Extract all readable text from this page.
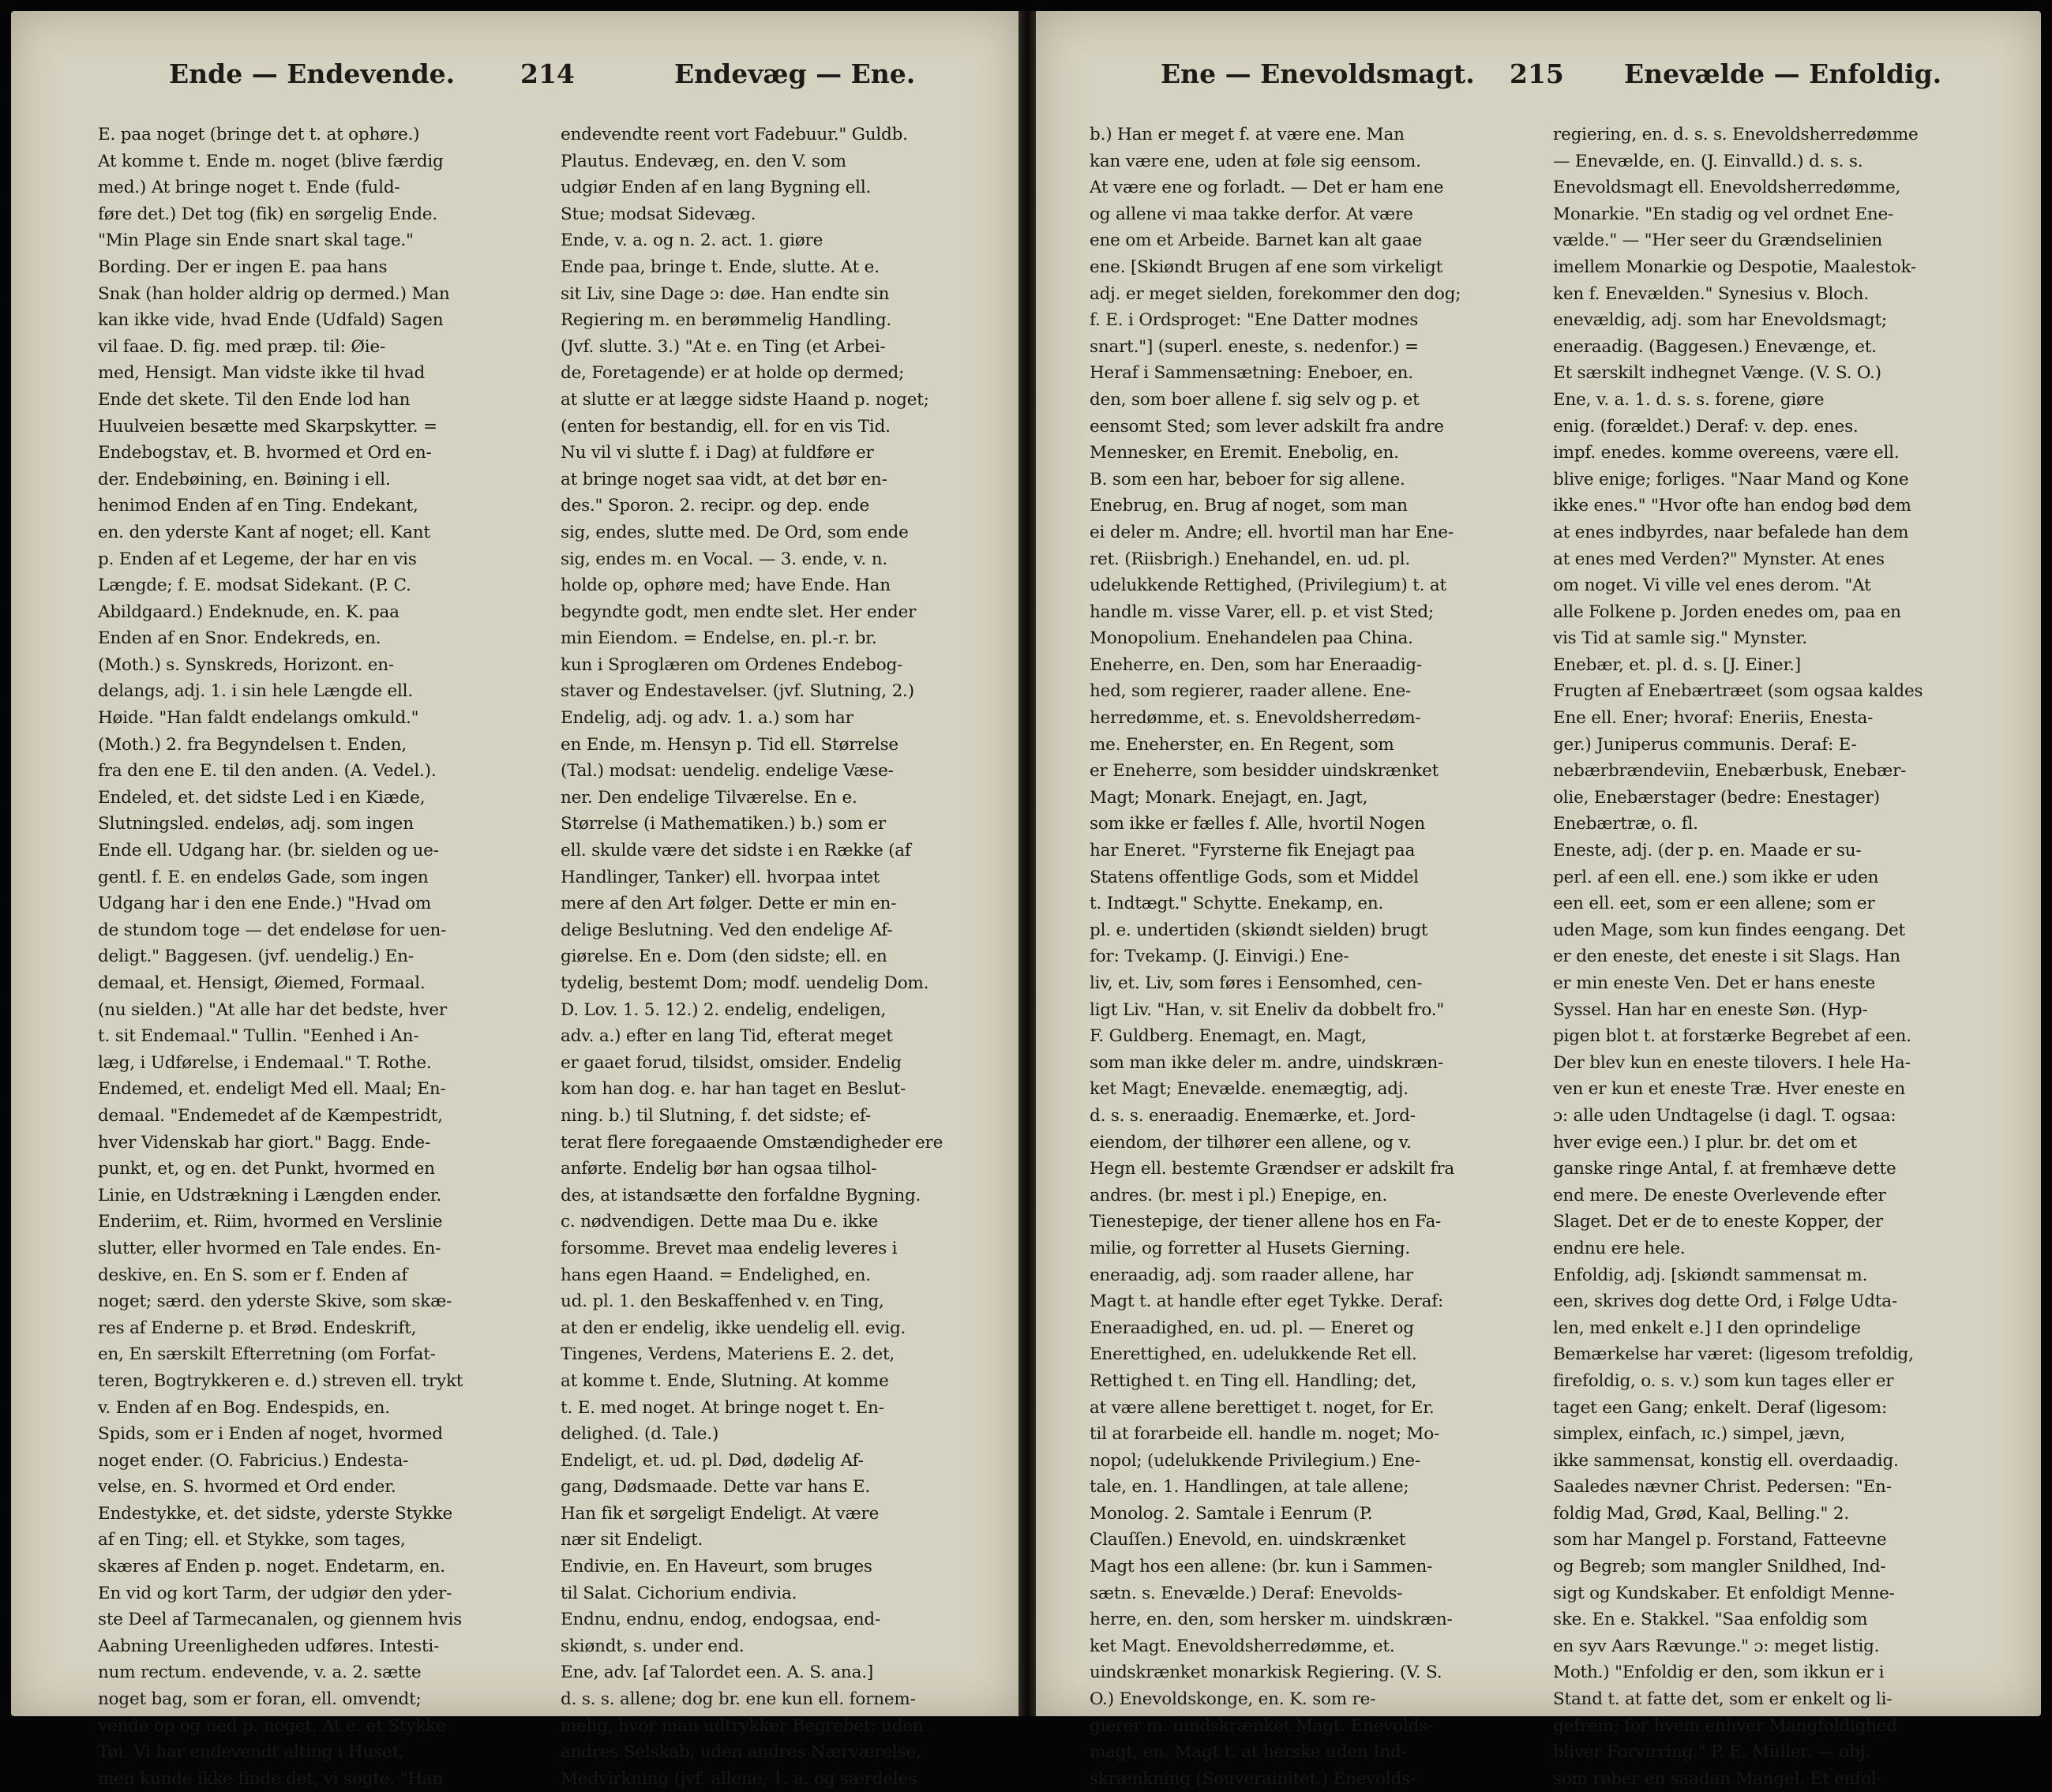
Ende — Endevende.	214	Endevæg — Ene.

E. paa noget (bringe det t. at ophøre.)

At komme t. Ende m. noget (blive færdig

med.) At bringe noget t. Ende (fuld-

føre det.) Det tog (fik) en sørgelig Ende.

"Min Plage sin Ende snart skal tage."

Bording. Der er ingen E. paa hans

Snak (han holder aldrig op dermed.) Man

kan ikke vide, hvad Ende (Udfald) Sagen

vil faae. D. fig. med præp. til: Øie-

med, Hensigt. Man vidste ikke til hvad

Ende det skete. Til den Ende lod han

Huulveien besætte med Skarpskytter. =

Endebogstav, et. B. hvormed et Ord en-

der. Endebøining, en. Bøining i ell.

henimod Enden af en Ting. Endekant,

en. den yderste Kant af noget; ell. Kant

p. Enden af et Legeme, der har en vis

Længde; f. E. modsat Sidekant. (P. C.

Abildgaard.) Endeknude, en. K. paa

Enden af en Snor. Endekreds, en.

(Moth.) s. Synskreds, Horizont. en-

delangs, adj. 1. i sin hele Længde ell.

Høide. "Han faldt endelangs omkuld."

(Moth.) 2. fra Begyndelsen t. Enden,

fra den ene E. til den anden. (A. Vedel.).

Endeled, et. det sidste Led i en Kiæde,

Slutningsled. endeløs, adj. som ingen

Ende ell. Udgang har. (br. sielden og ue-

gentl. f. E. en endeløs Gade, som ingen

Udgang har i den ene Ende.) "Hvad om

de stundom toge — det endeløse for uen-

deligt." Baggesen. (jvf. uendelig.) En-

demaal, et. Hensigt, Øiemed, Formaal.

(nu sielden.) "At alle har det bedste, hver

t. sit Endemaal." Tullin. "Eenhed i An-

læg, i Udførelse, i Endemaal." T. Rothe.

Endemed, et. endeligt Med ell. Maal; En-

demaal. "Endemedet af de Kæmpestridt,

hver Videnskab har giort." Bagg. Ende-

punkt, et, og en. det Punkt, hvormed en

Linie, en Udstrækning i Længden ender.

Enderiim, et. Riim, hvormed en Verslinie

slutter, eller hvormed en Tale endes. En-

deskive, en. En S. som er f. Enden af

noget; særd. den yderste Skive, som skæ-

res af Enderne p. et Brød. Endeskrift,

en, En særskilt Efterretning (om Forfat-

teren, Bogtrykkeren e. d.) streven ell. trykt

v. Enden af en Bog. Endespids, en.

Spids, som er i Enden af noget, hvormed

noget ender. (O. Fabricius.) Endesta-

velse, en. S. hvormed et Ord ender.

Endestykke, et. det sidste, yderste Stykke

af en Ting; ell. et Stykke, som tages,

skæres af Enden p. noget. Endetarm, en.

En vid og kort Tarm, der udgiør den yder-

ste Deel af Tarmecanalen, og giennem hvis

Aabning Ureenligheden udføres. Intesti-

num rectum. endevende, v. a. 2. sætte

noget bag, som er foran, ell. omvendt;

vende op og ned p. noget. At e. et Stykke

Tøi. Vi har endevendt alting i Huset,

men kunde ikke finde det, vi søgte. "Han

endevendte reent vort Fadebuur." Guldb.

Plautus. Endevæg, en. den V. som

udgiør Enden af en lang Bygning ell.

Stue; modsat Sidevæg.

Ende, v. a. og n. 2. act. 1. giøre

Ende paa, bringe t. Ende, slutte. At e.

sit Liv, sine Dage ɔ: døe. Han endte sin

Regiering m. en berømmelig Handling.

(Jvf. slutte. 3.) "At e. en Ting (et Arbei-

de, Foretagende) er at holde op dermed;

at slutte er at lægge sidste Haand p. noget;

(enten for bestandig, ell. for en vis Tid.

Nu vil vi slutte f. i Dag) at fuldføre er

at bringe noget saa vidt, at det bør en-

des." Sporon. 2. recipr. og dep. ende

sig, endes, slutte med. De Ord, som ende

sig, endes m. en Vocal. — 3. ende, v. n.

holde op, ophøre med; have Ende. Han

begyndte godt, men endte slet. Her ender

min Eiendom. = Endelse, en. pl.-r. br.

kun i Sproglæren om Ordenes Endebog-

staver og Endestavelser. (jvf. Slutning, 2.)

Endelig, adj. og adv. 1. a.) som har

en Ende, m. Hensyn p. Tid ell. Størrelse

(Tal.) modsat: uendelig. endelige Væse-

ner. Den endelige Tilværelse. En e.

Størrelse (i Mathematiken.) b.) som er

ell. skulde være det sidste i en Række (af

Handlinger, Tanker) ell. hvorpaa intet

mere af den Art følger. Dette er min en-

delige Beslutning. Ved den endelige Af-

giørelse. En e. Dom (den sidste; ell. en

tydelig, bestemt Dom; modf. uendelig Dom.

D. Lov. 1. 5. 12.) 2. endelig, endeligen,

adv. a.) efter en lang Tid, efterat meget

er gaaet forud, tilsidst, omsider. Endelig

kom han dog. e. har han taget en Beslut-

ning. b.) til Slutning, f. det sidste; ef-

terat flere foregaaende Omstændigheder ere

anførte. Endelig bør han ogsaa tilhol-

des, at istandsætte den forfaldne Bygning.

c. nødvendigen. Dette maa Du e. ikke

forsomme. Brevet maa endelig leveres i

hans egen Haand. = Endelighed, en.

ud. pl. 1. den Beskaffenhed v. en Ting,

at den er endelig, ikke uendelig ell. evig.

Tingenes, Verdens, Materiens E. 2. det,

at komme t. Ende, Slutning. At komme

t. E. med noget. At bringe noget t. En-

delighed. (d. Tale.)

Endeligt, et. ud. pl. Død, dødelig Af-

gang, Dødsmaade. Dette var hans E.

Han fik et sørgeligt Endeligt. At være

nær sit Endeligt.

Endivie, en. En Haveurt, som bruges

til Salat. Cichorium endivia.

Endnu, endnu, endog, endogsaa, end-

skiøndt, s. under end.

Ene, adv. [af Talordet een. A. S. ana.]

d. s. s. allene; dog br. ene kun ell. fornem-

melig, hvor man udtrykker Begrebet: uden

andres Selskab, uden andres Nærværelse,

Medvirkning (jvf. allene, 1. a. og særdeles

Ene — Enevoldsmagt. 215 Enevælde — Enfoldig.

b.) Han er meget f. at være ene. Man

kan være ene, uden at føle sig eensom.

At være ene og forladt. — Det er ham ene

og allene vi maa takke derfor. At være

ene om et Arbeide. Barnet kan alt gaae

ene. [Skiøndt Brugen af ene som virkeligt

adj. er meget sielden, forekommer den dog;

f. E. i Ordsproget: "Ene Datter modnes

snart."] (superl. eneste, s. nedenfor.) =

Heraf i Sammensætning: Eneboer, en.

den, som boer allene f. sig selv og p. et

eensomt Sted; som lever adskilt fra andre

Mennesker, en Eremit. Enebolig, en.

B. som een har, beboer for sig allene.

Enebrug, en. Brug af noget, som man

ei deler m. Andre; ell. hvortil man har Ene-

ret. (Riisbrigh.) Enehandel, en. ud. pl.

udelukkende Rettighed, (Privilegium) t. at

handle m. visse Varer, ell. p. et vist Sted;

Monopolium. Enehandelen paa China.

Eneherre, en. Den, som har Eneraadig-

hed, som regierer, raader allene. Ene-

herredømme, et. s. Enevoldsherredøm-

me. Eneherster, en. En Regent, som

er Eneherre, som besidder uindskrænket

Magt; Monark. Enejagt, en. Jagt,

som ikke er fælles f. Alle, hvortil Nogen

har Eneret. "Fyrsterne fik Enejagt paa

Statens offentlige Gods, som et Middel

t. Indtægt." Schytte. Enekamp, en.

pl. e. undertiden (skiøndt sielden) brugt

for: Tvekamp. (J. Einvigi.) Ene-

liv, et. Liv, som føres i Eensomhed, cen-

ligt Liv. "Han, v. sit Eneliv da dobbelt fro."

F. Guldberg. Enemagt, en. Magt,

som man ikke deler m. andre, uindskræn-

ket Magt; Enevælde. enemægtig, adj.

d. s. s. eneraadig. Enemærke, et. Jord-

eiendom, der tilhører een allene, og v.

Hegn ell. bestemte Grændser er adskilt fra

andres. (br. mest i pl.) Enepige, en.

Tienestepige, der tiener allene hos en Fa-

milie, og forretter al Husets Gierning.

eneraadig, adj. som raader allene, har

Magt t. at handle efter eget Tykke. Deraf:

Eneraadighed, en. ud. pl. — Eneret og

Enerettighed, en. udelukkende Ret ell.

Rettighed t. en Ting ell. Handling; det,

at være allene berettiget t. noget, for Er.

til at forarbeide ell. handle m. noget; Mo-

nopol; (udelukkende Privilegium.) Ene-

tale, en. 1. Handlingen, at tale allene;

Monolog. 2. Samtale i Eenrum (P.

Clauſſen.) Enevold, en. uindskrænket

Magt hos een allene: (br. kun i Sammen-

sætn. s. Enevælde.) Deraf: Enevolds-

herre, en. den, som hersker m. uindskræn-

ket Magt. Enevoldsherredømme, et.

uindskrænket monarkisk Regiering. (V. S.

O.) Enevoldskonge, en. K. som re-

gierer m. uindskrænket Magt. Enevolds-

magt, en. Magt t. at herske uden Ind-

skrænkning (Souverainitet.) Enevolds-

regiering, en. d. s. s. Enevoldsherredømme

— Enevælde, en. (J. Einvalld.) d. s. s.

Enevoldsmagt ell. Enevoldsherredømme,

Monarkie. "En stadig og vel ordnet Ene-

vælde." — "Her seer du Grændselinien

imellem Monarkie og Despotie, Maalestok-

ken f. Enevælden." Synesius v. Bloch.

enevældig, adj. som har Enevoldsmagt;

eneraadig. (Baggesen.) Enevænge, et.

Et særskilt indhegnet Vænge. (V. S. O.)

Ene, v. a. 1. d. s. s. forene, giøre

enig. (forældet.) Deraf: v. dep. enes.

impf. enedes. komme overeens, være ell.

blive enige; forliges. "Naar Mand og Kone

ikke enes." "Hvor ofte han endog bød dem

at enes indbyrdes, naar befalede han dem

at enes med Verden?" Mynster. At enes

om noget. Vi ville vel enes derom. "At

alle Folkene p. Jorden enedes om, paa en

vis Tid at samle sig." Mynster.

Enebær, et. pl. d. s. [J. Einer.]

Frugten af Enebærtræet (som ogsaa kaldes

Ene ell. Ener; hvoraf: Eneriis, Enesta-

ger.) Juniperus communis. Deraf: E-

nebærbrændeviin, Enebærbusk, Enebær-

olie, Enebærstager (bedre: Enestager)

Enebærtræ, o. fl.

Eneste, adj. (der p. en. Maade er su-

perl. af een ell. ene.) som ikke er uden

een ell. eet, som er een allene; som er

uden Mage, som kun findes eengang. Det

er den eneste, det eneste i sit Slags. Han

er min eneste Ven. Det er hans eneste

Syssel. Han har en eneste Søn. (Hyp-

pigen blot t. at forstærke Begrebet af een.

Der blev kun en eneste tilovers. I hele Ha-

ven er kun et eneste Træ. Hver eneste en

ɔ: alle uden Undtagelse (i dagl. T. ogsaa:

hver evige een.) I plur. br. det om et

ganske ringe Antal, f. at fremhæve dette

end mere. De eneste Overlevende efter

Slaget. Det er de to eneste Kopper, der

endnu ere hele.

Enfoldig, adj. [skiøndt sammensat m.

een, skrives dog dette Ord, i Følge Udta-

len, med enkelt e.] I den oprindelige

Bemærkelse har været: (ligesom trefoldig,

firefoldig, o. s. v.) som kun tages eller er

taget een Gang; enkelt. Deraf (ligesom:

simplex, einfach, ɪc.) simpel, jævn,

ikke sammensat, konstig ell. overdaadig.

Saaledes nævner Christ. Pedersen: "En-

foldig Mad, Grød, Kaal, Belling." 2.

som har Mangel p. Forstand, Fatteevne

og Begreb; som mangler Snildhed, Ind-

sigt og Kundskaber. Et enfoldigt Menne-

ske. En e. Stakkel. "Saa enfoldig som

en syv Aars Rævunge." ɔ: meget listig.

Moth.) "Enfoldig er den, som ikkun er i

Stand t. at fatte det, som er enkelt og li-

gefrem; for hvem enhver Mangfoldighed

bliver Forvirring." P. E. Müller. — obj.

som røber en saadan Mangel. Et enfol-
